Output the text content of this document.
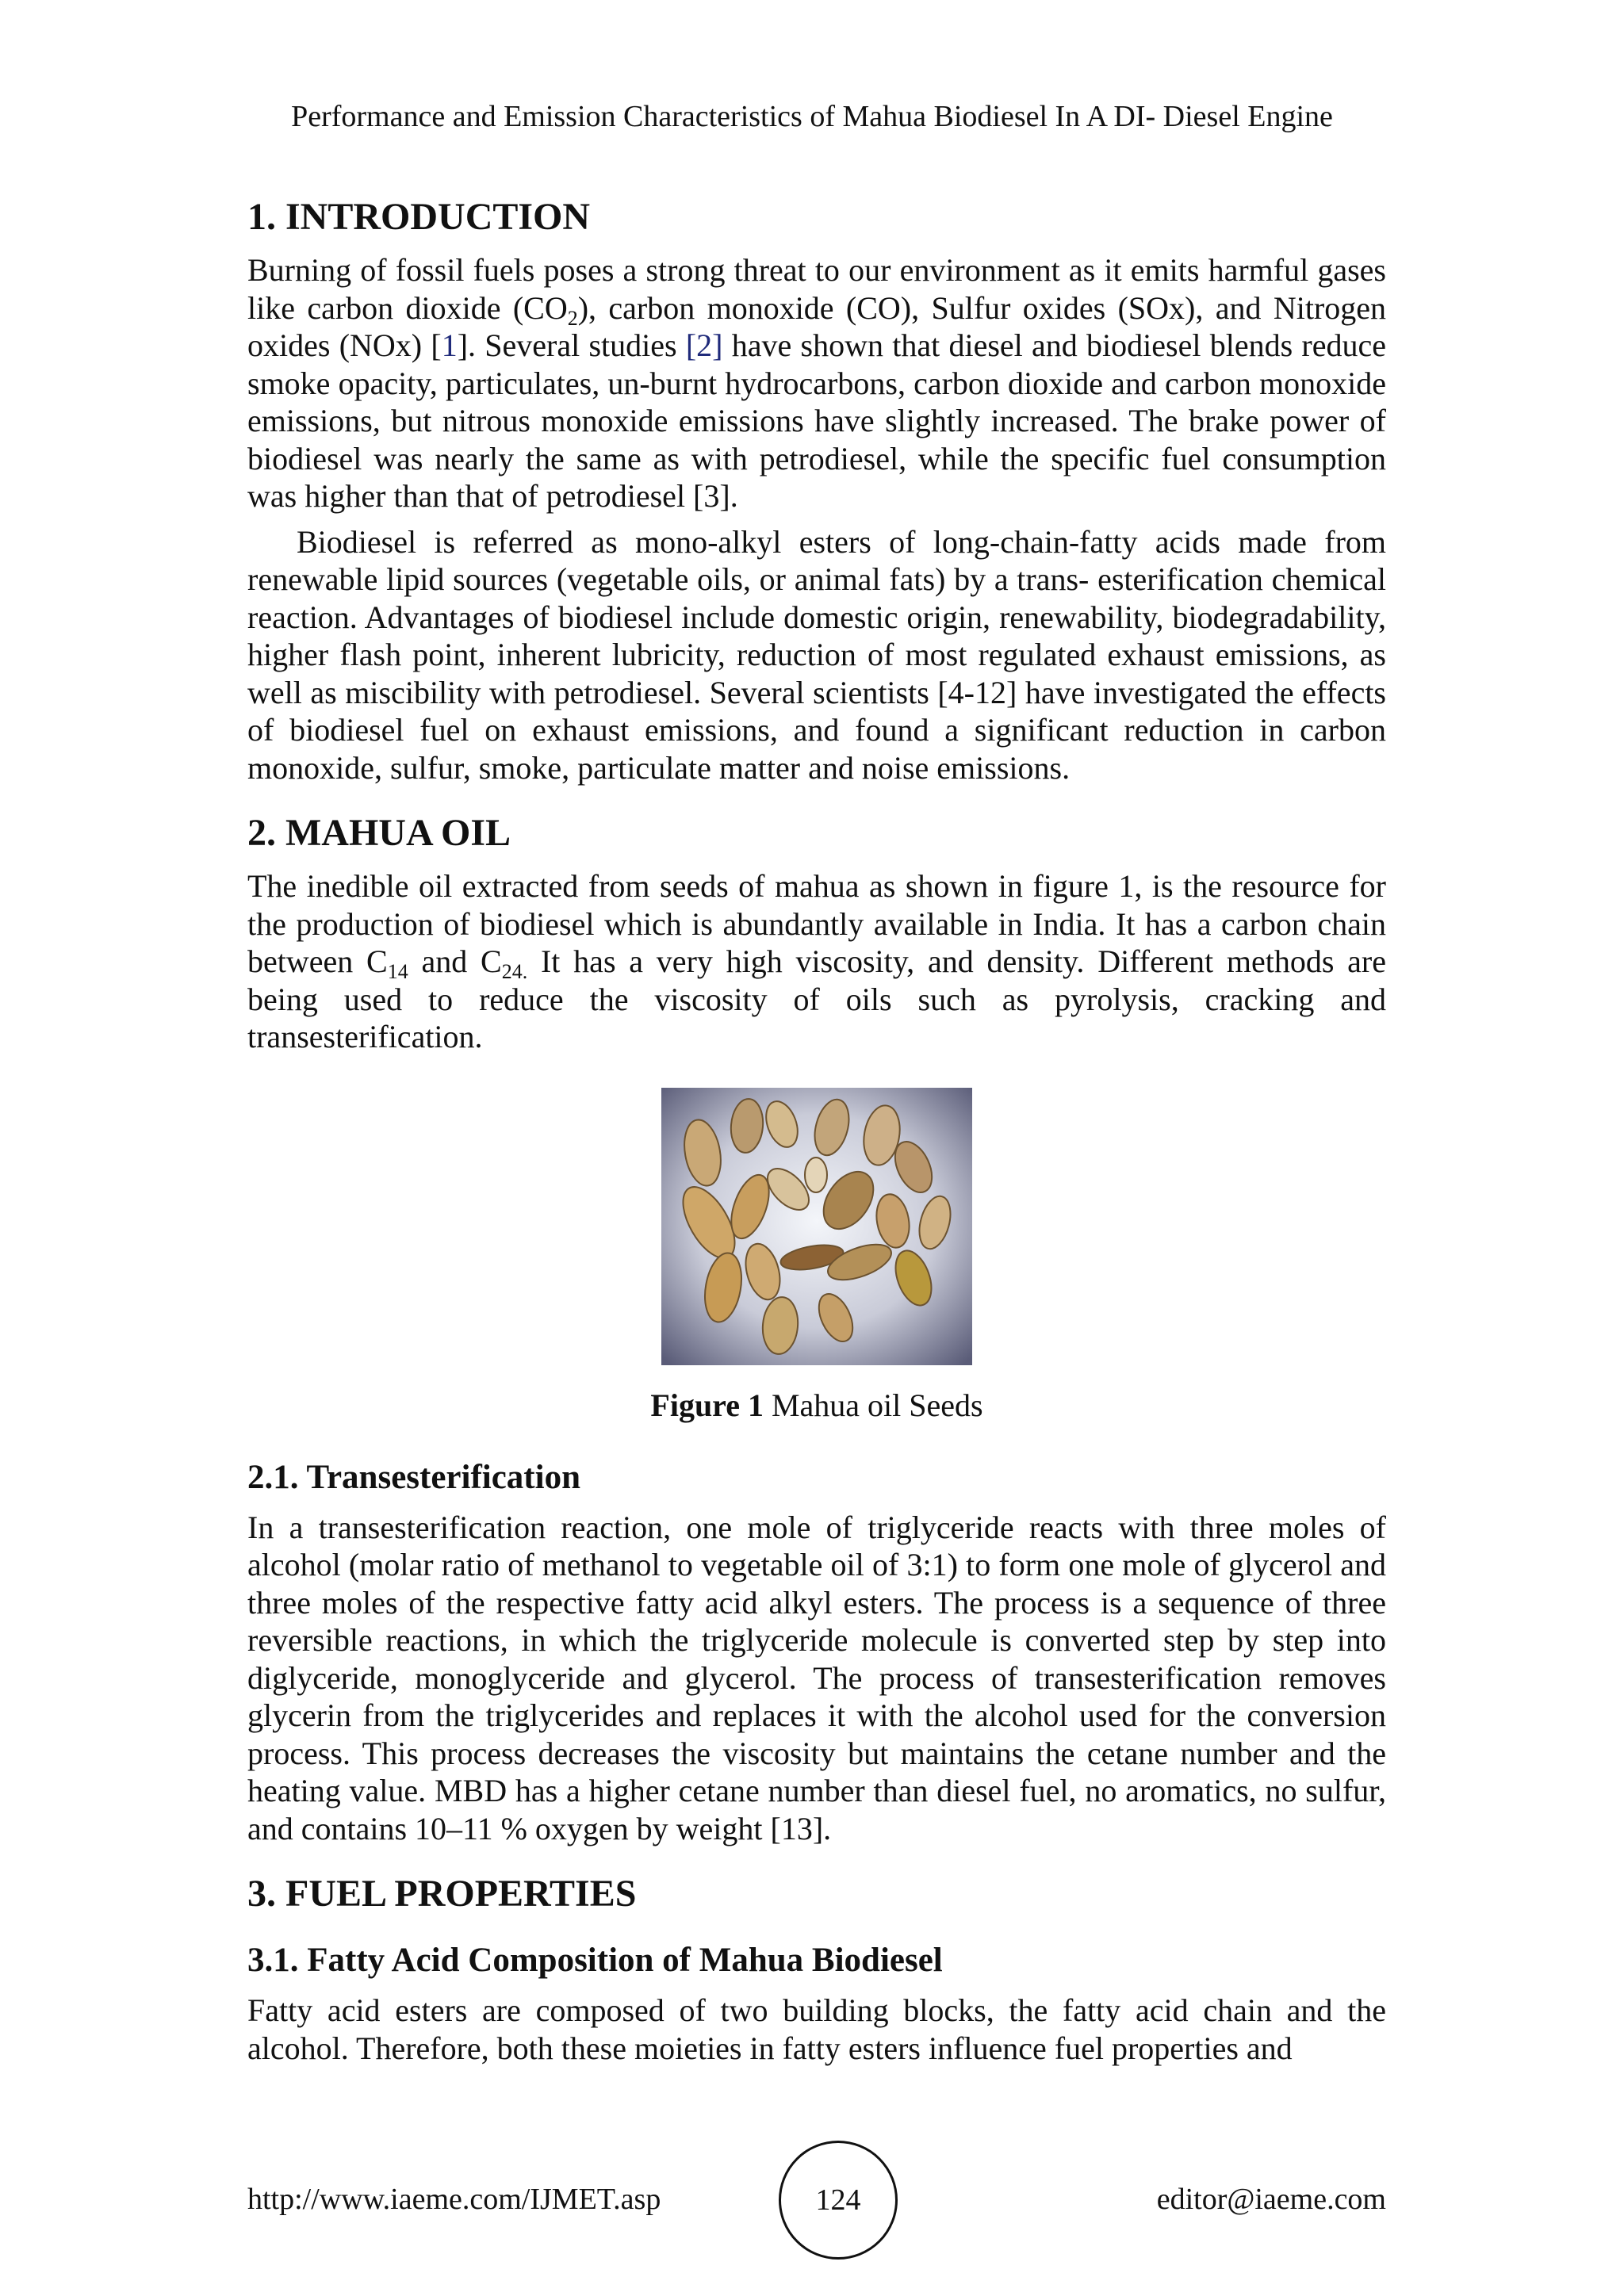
Performance and Emission Characteristics of Mahua Biodiesel In A DI- Diesel Engine
1. INTRODUCTION

Burning of fossil fuels poses a strong threat to our environment as it emits harmful gases like carbon dioxide $(CO_2)$, carbon monoxide (CO), Sulfur oxides (SOx), and Nitrogen oxides (NOx) [1]. Several studies [2] have shown that diesel and biodiesel blends reduce smoke opacity, particulates, un-burnt hydrocarbons, carbon dioxide and carbon monoxide emissions, but nitrous monoxide emissions have slightly increased. The brake power of biodiesel was nearly the same as with petrodiesel, while the specific fuel consumption was higher than that of petrodiesel [3].

Biodiesel is referred as mono-alkyl esters of long-chain-fatty acids made from renewable lipid sources (vegetable oils, or animal fats) by a trans- esterification chemical reaction. Advantages of biodiesel include domestic origin, renewability, biodegradability, higher flash point, inherent lubricity, reduction of most regulated exhaust emissions, as well as miscibility with petrodiesel. Several scientists [4-12] have investigated the effects of biodiesel fuel on exhaust emissions, and found a significant reduction in carbon monoxide, sulfur, smoke, particulate matter and noise emissions.

2. MAHUA OIL

The inedible oil extracted from seeds of mahua as shown in figure 1, is the resource for the production of biodiesel which is abundantly available in India. It has a carbon chain between $C_{14}$ and $C_{24.}$ It has a very high viscosity, and density. Different methods are being used to reduce the viscosity of oils such as pyrolysis, cracking and transesterification.

Figure 1 Mahua oil Seeds
2.1. Transesterification

In a transesterification reaction, one mole of triglyceride reacts with three moles of alcohol (molar ratio of methanol to vegetable oil of 3:1) to form one mole of glycerol and three moles of the respective fatty acid alkyl esters. The process is a sequence of three reversible reactions, in which the triglyceride molecule is converted step by step into diglyceride, monoglyceride and glycerol. The process of transesterification removes glycerin from the triglycerides and replaces it with the alcohol used for the conversion process. This process decreases the viscosity but maintains the cetane number and the heating value. MBD has a higher cetane number than diesel fuel, no aromatics, no sulfur, and contains 10–11 % oxygen by weight [13].

3. FUEL PROPERTIES
3.1. Fatty Acid Composition of Mahua Biodiesel

Fatty acid esters are composed of two building blocks, the fatty acid chain and the alcohol. Therefore, both these moieties in fatty esters influence fuel properties and

http://www.iaeme.com/IJMET.asp	124	editor@iaeme.com
